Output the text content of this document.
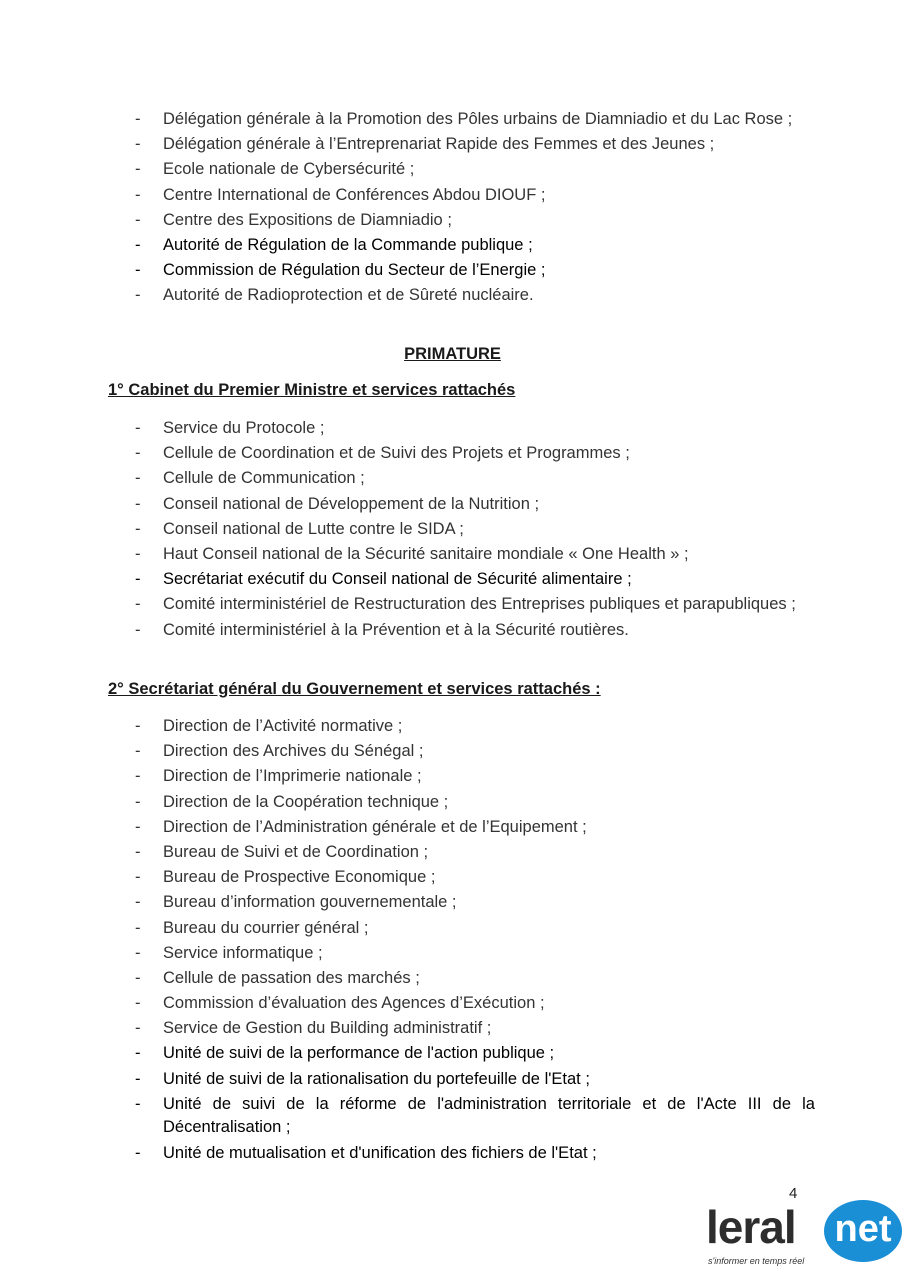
- Délégation générale à la Promotion des Pôles urbains de Diamniadio et du Lac Rose ;
- Délégation générale à l’Entreprenariat Rapide des Femmes et des Jeunes ;
- Ecole nationale de Cybersécurité ;
- Centre International de Conférences Abdou DIOUF ;
- Centre des Expositions de Diamniadio ;
- Autorité de Régulation de la Commande publique ;
- Commission de Régulation du Secteur de l’Energie ;
- Autorité de Radioprotection et de Sûreté nucléaire.
PRIMATURE
1° Cabinet du Premier Ministre et services rattachés
- Service du Protocole ;
- Cellule de Coordination et de Suivi des Projets et Programmes ;
- Cellule de Communication ;
- Conseil national de Développement de la Nutrition ;
- Conseil national de Lutte contre le SIDA ;
- Haut Conseil national de la Sécurité sanitaire mondiale « One Health » ;
- Secrétariat exécutif du Conseil national de Sécurité alimentaire ;
- Comité interministériel de Restructuration des Entreprises publiques et parapubliques ;
- Comité interministériel à la Prévention et à la Sécurité routières.
2° Secrétariat général du Gouvernement et services rattachés :
- Direction de l’Activité normative ;
- Direction des Archives du Sénégal ;
- Direction de l’Imprimerie nationale ;
- Direction de la Coopération technique ;
- Direction de l’Administration générale et de l’Equipement ;
- Bureau de Suivi et de Coordination ;
- Bureau de Prospective Economique ;
- Bureau d’information gouvernementale ;
- Bureau du courrier général ;
- Service informatique ;
- Cellule de passation des marchés ;
- Commission d’évaluation des Agences d’Exécution ;
- Service de Gestion du Building administratif ;
- Unité de suivi de la performance de l'action publique ;
- Unité de suivi de la rationalisation du portefeuille de l'Etat ;
- Unité de suivi de la réforme de l'administration territoriale et de l'Acte III de la Décentralisation ;
- Unité de mutualisation et d'unification des fichiers de l'Etat ;
4
leral net
s'informer en temps réel
